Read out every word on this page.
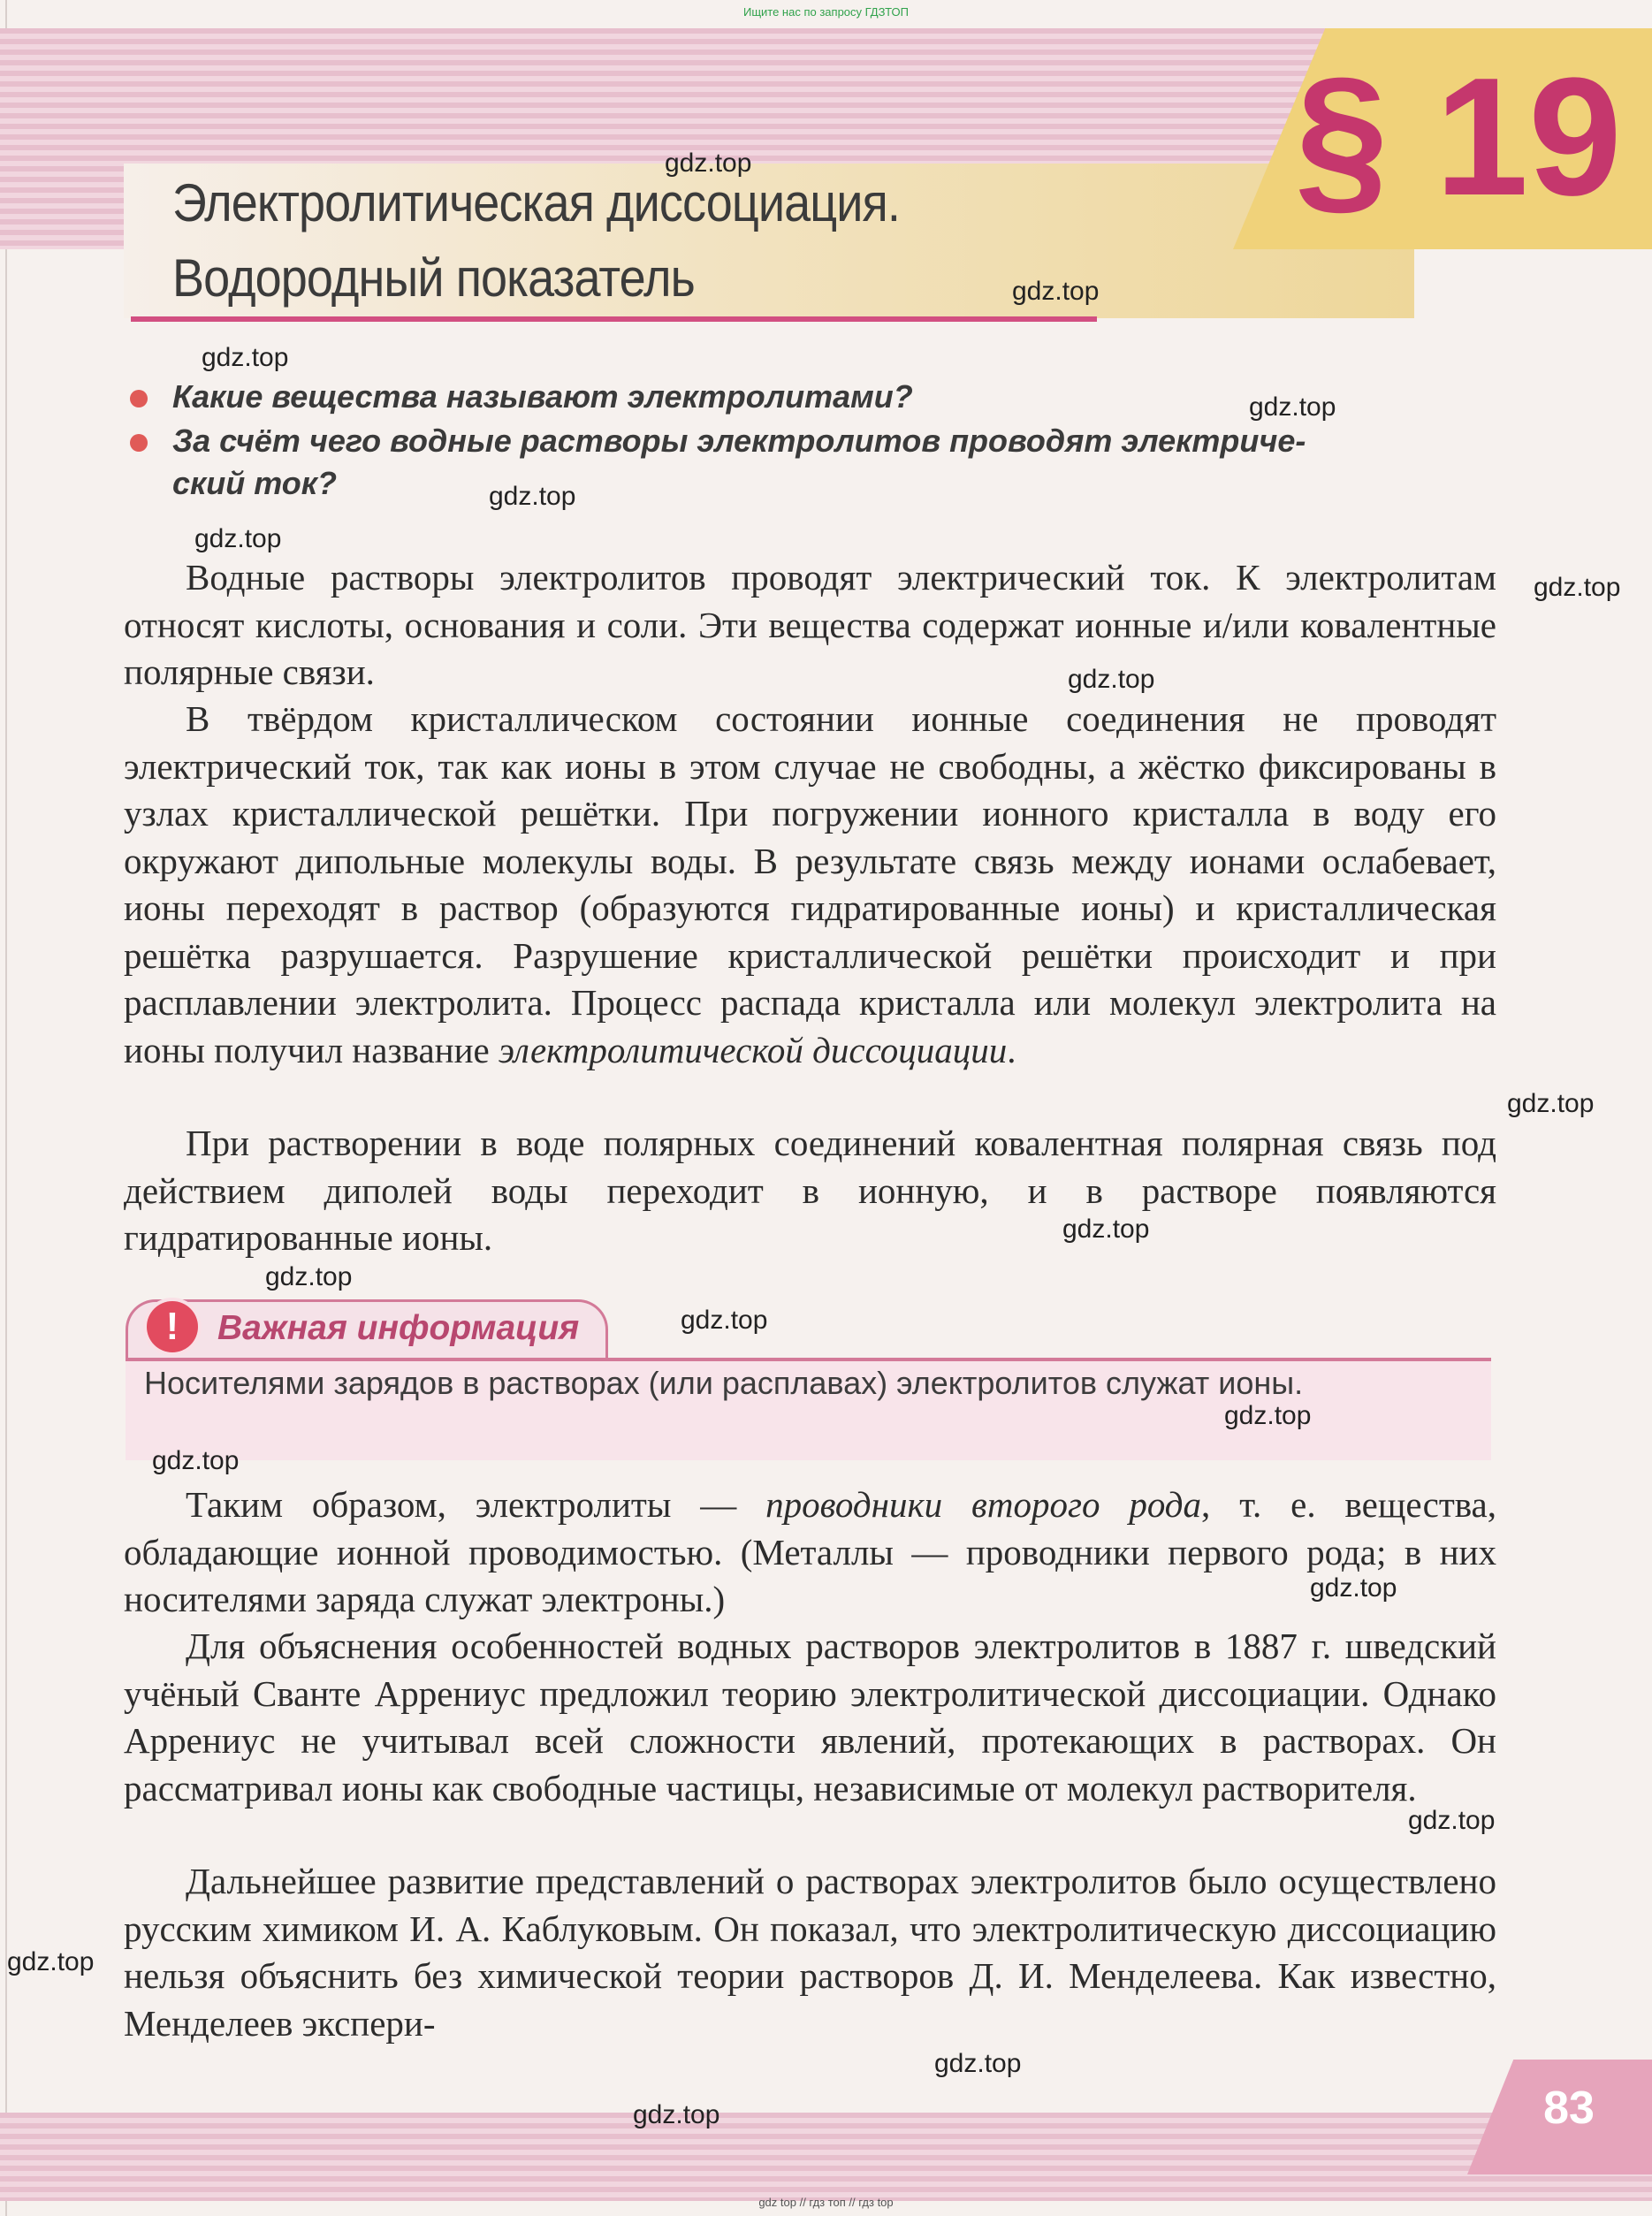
Ищите нас по запросу ГДЗТОП
§ 19
Электролитическая диссоциация.
Водородный показатель
Какие вещества называют электролитами?
За счёт чего водные растворы электролитов проводят электриче-
ский ток?
Водные растворы электролитов проводят электрический ток. К электролитам относят кислоты, основания и соли. Эти вещества содержат ионные и/или ковалентные полярные связи.
В твёрдом кристаллическом состоянии ионные соединения не проводят электрический ток, так как ионы в этом случае не свободны, а жёстко фиксированы в узлах кристаллической решётки. При погружении ионного кристалла в воду его окружают дипольные молекулы воды. В результате связь между ионами ослабевает, ионы переходят в раствор (образуются гидратированные ионы) и кристаллическая решётка разрушается. Разрушение кристаллической решётки происходит и при расплавлении электролита. Процесс распада кристалла или молекул электролита на ионы получил название электролитической диссоциации.
При растворении в воде полярных соединений ковалентная полярная связь под действием диполей воды переходит в ионную, и в растворе появляются гидратированные ионы.
!	Важная информация
Носителями зарядов в растворах (или расплавах) электролитов служат ионы.
Таким образом, электролиты — проводники второго рода, т. е. вещества, обладающие ионной проводимостью. (Металлы — проводники первого рода; в них носителями заряда служат электроны.)
Для объяснения особенностей водных растворов электролитов в 1887 г. шведский учёный Сванте Аррениус предложил теорию электролитической диссоциации. Однако Аррениус не учитывал всей сложности явлений, протекающих в растворах. Он рассматривал ионы как свободные частицы, независимые от молекул растворителя.
Дальнейшее развитие представлений о растворах электролитов было осуществлено русским химиком И. А. Каблуковым. Он показал, что электролитическую диссоциацию нельзя объяснить без химической теории растворов Д. И. Менделеева. Как известно, Менделеев экспери-
83
gdz.top
gdz.top
gdz.top
gdz.top
gdz.top
gdz.top
gdz.top
gdz.top
gdz.top
gdz.top
gdz.top
gdz.top
gdz.top
gdz.top
gdz.top
gdz.top
gdz.top
gdz.top
gdz.top
gdz top // гдз топ // гдз top
